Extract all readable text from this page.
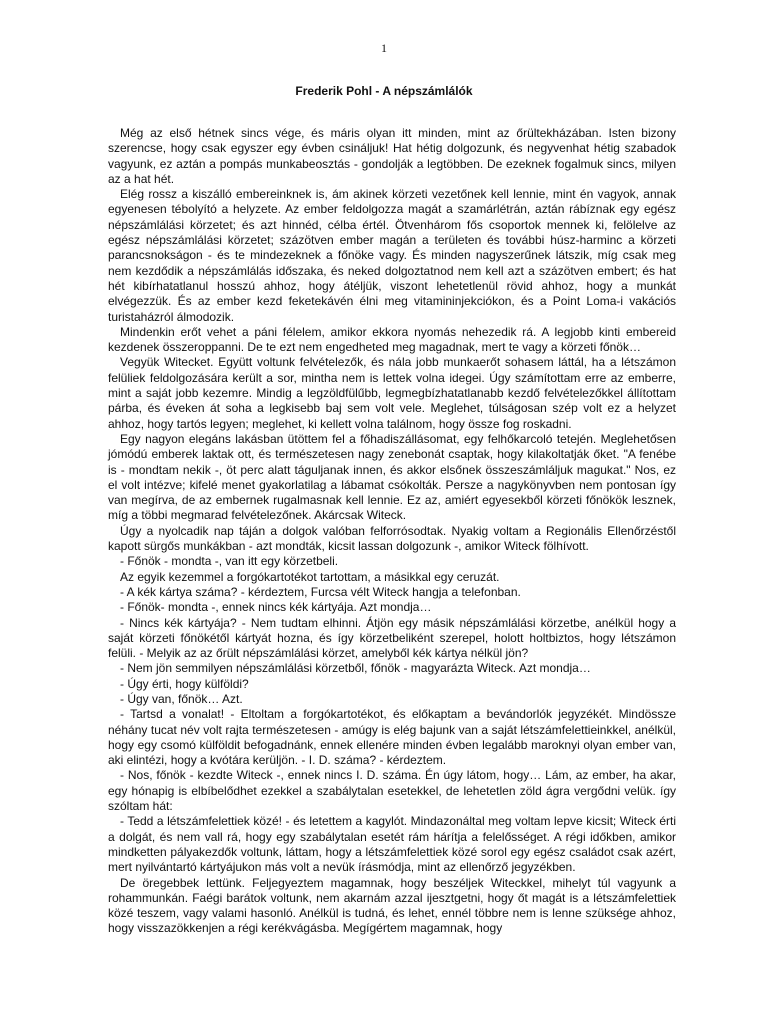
1
Frederik Pohl - A népszámlálók

Még az első hétnek sincs vége, és máris olyan itt minden, mint az őrültekházában. Isten bizony szerencse, hogy csak egyszer egy évben csináljuk! Hat hétig dolgozunk, és negyvenhat hétig szabadok vagyunk, ez aztán a pompás munkabeosztás - gondolják a legtöbben. De ezeknek fogalmuk sincs, milyen az a hat hét.

Elég rossz a kiszálló embereinknek is, ám akinek körzeti vezetőnek kell lennie, mint én vagyok, annak egyenesen tébolyító a helyzete. Az ember feldolgozza magát a szamárlétrán, aztán rábíznak egy egész népszámlálási körzetet; és azt hinnéd, célba értél. Ötvenhárom fős csoportok mennek ki, felölelve az egész népszámlálási körzetet; százötven ember magán a területen és további húsz-harminc a körzeti parancsnokságon - és te mindezeknek a főnöke vagy. És minden nagyszerűnek látszik, míg csak meg nem kezdődik a népszámlálás időszaka, és neked dolgoztatnod nem kell azt a százötven embert; és hat hét kibírhatatlanul hosszú ahhoz, hogy átéljük, viszont lehetetlenül rövid ahhoz, hogy a munkát elvégezzük. És az ember kezd feketekávén élni meg vitamininjekciókon, és a Point Loma-i vakációs turistaházról álmodozik.

Mindenkin erőt vehet a páni félelem, amikor ekkora nyomás nehezedik rá. A legjobb kinti embereid kezdenek összeroppanni. De te ezt nem engedheted meg magadnak, mert te vagy a körzeti főnök…

Vegyük Witecket. Együtt voltunk felvételezők, és nála jobb munkaerőt sohasem láttál, ha a létszámon felüliek feldolgozására került a sor, mintha nem is lettek volna idegei. Úgy számítottam erre az emberre, mint a saját jobb kezemre. Mindig a legzöldfülűbb, legmegbízhatatlanabb kezdő felvételezőkkel állítottam párba, és éveken át soha a legkisebb baj sem volt vele. Meglehet, túlságosan szép volt ez a helyzet ahhoz, hogy tartós legyen; meglehet, ki kellett volna találnom, hogy össze fog roskadni.

Egy nagyon elegáns lakásban ütöttem fel a főhadiszállásomat, egy felhőkarcoló tetején. Meglehetősen jómódú emberek laktak ott, és természetesen nagy zenebonát csaptak, hogy kilakoltatják őket. "A fenébe is - mondtam nekik -, öt perc alatt táguljanak innen, és akkor elsőnek összeszámláljuk magukat." Nos, ez el volt intézve; kifelé menet gyakorlatilag a lábamat csókolták. Persze a nagykönyvben nem pontosan így van megírva, de az embernek rugalmasnak kell lennie. Ez az, amiért egyesekből körzeti főnökök lesznek, míg a többi megmarad felvételezőnek. Akárcsak Witeck.

Úgy a nyolcadik nap táján a dolgok valóban felforrósodtak. Nyakig voltam a Regionális Ellenőrzéstől kapott sürgős munkákban - azt mondták, kicsit lassan dolgozunk -, amikor Witeck fölhívott.

- Főnök - mondta -, van itt egy körzetbeli.

Az egyik kezemmel a forgókartotékot tartottam, a másikkal egy ceruzát.

- A kék kártya száma? - kérdeztem, Furcsa vélt Witeck hangja a telefonban.

- Főnök- mondta -, ennek nincs kék kártyája. Azt mondja…

- Nincs kék kártyája? - Nem tudtam elhinni. Átjön egy másik népszámlálási körzetbe, anélkül hogy a saját körzeti főnökétől kártyát hozna, és így körzetbeliként szerepel, holott holtbiztos, hogy létszámon felüli. - Melyik az az őrült népszámlálási körzet, amelyből kék kártya nélkül jön?

- Nem jön semmilyen népszámlálási körzetből, főnök - magyarázta Witeck. Azt mondja…

- Úgy érti, hogy külföldi?

- Úgy van, főnök… Azt.

- Tartsd a vonalat! - Eltoltam a forgókartotékot, és előkaptam a bevándorlók jegyzékét. Mindössze néhány tucat név volt rajta természetesen - amúgy is elég bajunk van a saját létszámfelettieinkkel, anélkül, hogy egy csomó külföldit befogadnánk, ennek ellenére minden évben legalább maroknyi olyan ember van, aki elintézi, hogy a kvótára kerüljön. - I. D. száma? - kérdeztem.

- Nos, főnök - kezdte Witeck -, ennek nincs I. D. száma. Én úgy látom, hogy… Lám, az ember, ha akar, egy hónapig is elbíbelődhet ezekkel a szabálytalan esetekkel, de lehetetlen zöld ágra vergődni velük. így szóltam hát:

- Tedd a létszámfelettiek közé! - és letettem a kagylót. Mindazonáltal meg voltam lepve kicsit; Witeck érti a dolgát, és nem vall rá, hogy egy szabálytalan esetét rám hárítja a felelősséget. A régi időkben, amikor mindketten pályakezdők voltunk, láttam, hogy a létszámfelettiek közé sorol egy egész családot csak azért, mert nyilvántartó kártyájukon más volt a nevük írásmódja, mint az ellenőrző jegyzékben.

De öregebbek lettünk. Feljegyeztem magamnak, hogy beszéljek Witeckkel, mihelyt túl vagyunk a rohammunkán. Faégi barátok voltunk, nem akarnám azzal ijesztgetni, hogy őt magát is a létszámfelettiek közé teszem, vagy valami hasonló. Anélkül is tudná, és lehet, ennél többre nem is lenne szüksége ahhoz, hogy visszazökkenjen a régi kerékvágásba. Megígértem magamnak, hogy
